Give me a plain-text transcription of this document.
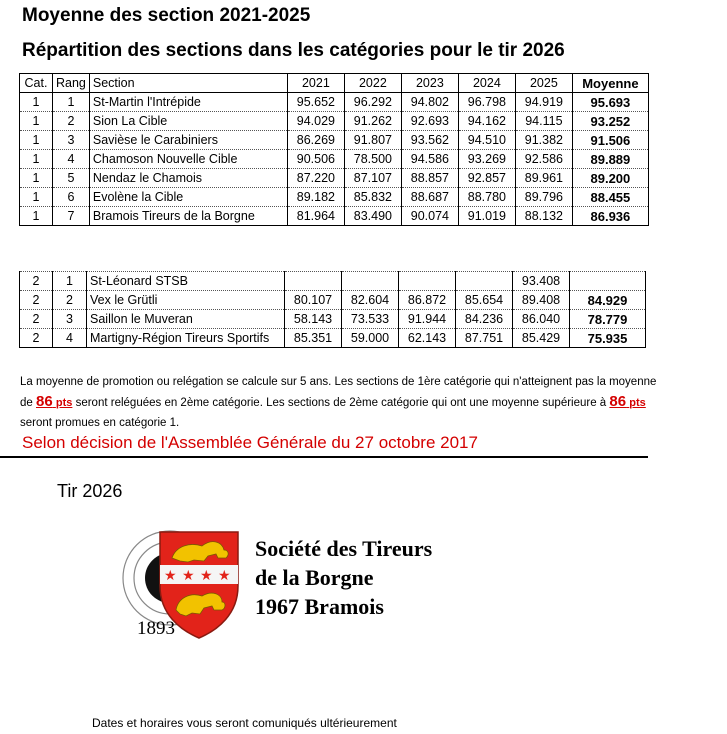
Moyenne des section 2021-2025
Répartition des sections dans les catégories pour le tir 2026
Cat.	Rang	Section	2021	2022	2023	2024	2025	Moyenne
1	1	St-Martin l'Intrépide	95.652	96.292	94.802	96.798	94.919	95.693
1	2	Sion La Cible	94.029	91.262	92.693	94.162	94.115	93.252
1	3	Savièse le Carabiniers	86.269	91.807	93.562	94.510	91.382	91.506
1	4	Chamoson Nouvelle Cible	90.506	78.500	94.586	93.269	92.586	89.889
1	5	Nendaz le Chamois	87.220	87.107	88.857	92.857	89.961	89.200
1	6	Evolène la Cible	89.182	85.832	88.687	88.780	89.796	88.455
1	7	Bramois Tireurs de la Borgne	81.964	83.490	90.074	91.019	88.132	86.936
2	1	St-Léonard STSB					93.408	
2	2	Vex le Grütli	80.107	82.604	86.872	85.654	89.408	84.929
2	3	Saillon le Muveran	58.143	73.533	91.944	84.236	86.040	78.779
2	4	Martigny-Région Tireurs Sportifs	85.351	59.000	62.143	87.751	85.429	75.935
La moyenne de promotion ou relégation se calcule sur 5 ans. Les sections de 1ère catégorie qui n'atteignent pas la moyenne de 86 pts seront reléguées en 2ème catégorie. Les sections de 2ème catégorie qui ont une moyenne supérieure à 86 pts seront promues en catégorie 1.
Selon décision de l'Assemblée Générale du 27 octobre 2017
Tir 2026
★ ★ ★ ★
Société des Tireurs
de la Borgne
1967 Bramois
1893
Dates et horaires vous seront comuniqués ultérieurement
